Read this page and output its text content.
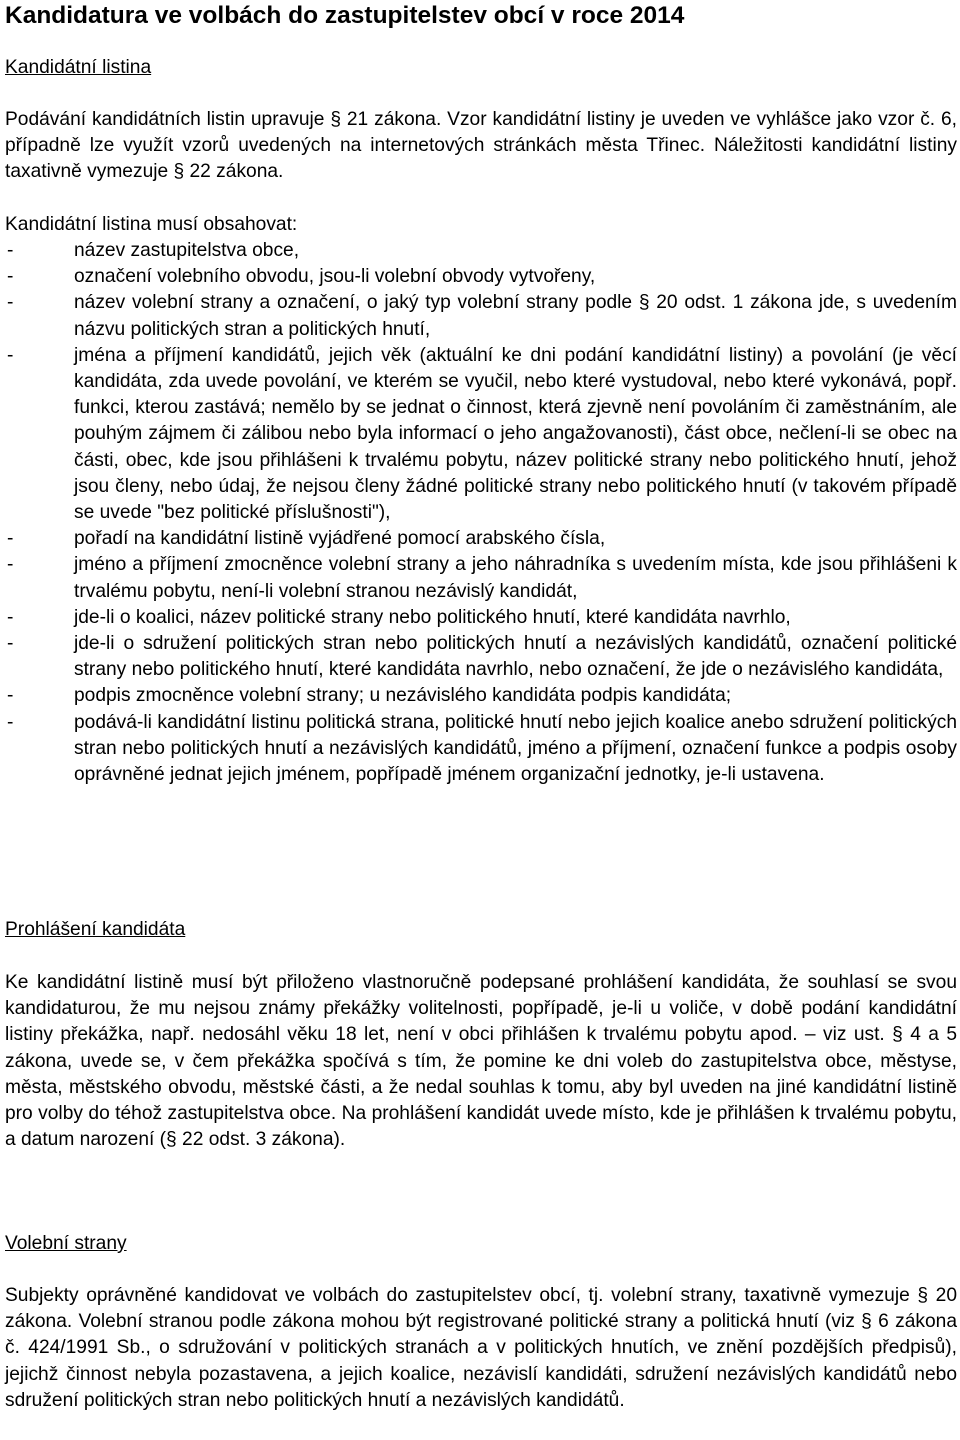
Kandidatura ve volbách do zastupitelstev obcí v roce 2014
Kandidátní listina

Podávání kandidátních listin upravuje § 21 zákona. Vzor kandidátní listiny je uveden ve vyhlášce jako vzor č. 6, případně lze využít vzorů uvedených na internetových stránkách města Třinec. Náležitosti kandidátní listiny taxativně vymezuje § 22 zákona.

Kandidátní listina musí obsahovat:

-	název zastupitelstva obce,
-	označení volebního obvodu, jsou-li volební obvody vytvořeny,
-	název volební strany a označení, o jaký typ volební strany podle § 20 odst. 1 zákona jde, s uvedením názvu politických stran a politických hnutí,
-	jména a příjmení kandidátů, jejich věk (aktuální ke dni podání kandidátní listiny) a povolání (je věcí kandidáta, zda uvede povolání, ve kterém se vyučil, nebo které vystudoval, nebo které vykonává, popř. funkci, kterou zastává; nemělo by se jednat o činnost, která zjevně není povoláním či zaměstnáním, ale pouhým zájmem či zálibou nebo byla informací o jeho angažovanosti), část obce, nečlení-li se obec na části, obec, kde jsou přihlášeni k trvalému pobytu, název politické strany nebo politického hnutí, jehož jsou členy, nebo údaj, že nejsou členy žádné politické strany nebo politického hnutí (v takovém případě se uvede "bez politické příslušnosti"),
-	pořadí na kandidátní listině vyjádřené pomocí arabského čísla,
-	jméno a příjmení zmocněnce volební strany a jeho náhradníka s uvedením místa, kde jsou přihlášeni k trvalému pobytu, není-li volební stranou nezávislý kandidát,
-	jde-li o koalici, název politické strany nebo politického hnutí, které kandidáta navrhlo,
-	jde-li o sdružení politických stran nebo politických hnutí a nezávislých kandidátů, označení politické strany nebo politického hnutí, které kandidáta navrhlo, nebo označení, že jde o nezávislého kandidáta,
-	podpis zmocněnce volební strany; u nezávislého kandidáta podpis kandidáta;
-	podává-li kandidátní listinu politická strana, politické hnutí nebo jejich koalice anebo sdružení politických stran nebo politických hnutí a nezávislých kandidátů, jméno a příjmení, označení funkce a podpis osoby oprávněné jednat jejich jménem, popřípadě jménem organizační jednotky, je-li ustavena.
Prohlášení kandidáta

Ke kandidátní listině musí být přiloženo vlastnoručně podepsané prohlášení kandidáta, že souhlasí se svou kandidaturou, že mu nejsou známy překážky volitelnosti, popřípadě, je-li u voliče, v době podání kandidátní listiny překážka, např. nedosáhl věku 18 let, není v obci přihlášen k trvalému pobytu apod. – viz ust. § 4 a 5 zákona, uvede se, v čem překážka spočívá s tím, že pomine ke dni voleb do zastupitelstva obce, městyse, města, městského obvodu, městské části, a že nedal souhlas k tomu, aby byl uveden na jiné kandidátní listině pro volby do téhož zastupitelstva obce. Na prohlášení kandidát uvede místo, kde je přihlášen k trvalému pobytu, a datum narození (§ 22 odst. 3 zákona).

Volební strany

Subjekty oprávněné kandidovat ve volbách do zastupitelstev obcí, tj. volební strany, taxativně vymezuje § 20 zákona. Volební stranou podle zákona mohou být registrované politické strany a politická hnutí (viz § 6 zákona č. 424/1991 Sb., o sdružování v politických stranách a v politických hnutích, ve znění pozdějších předpisů), jejichž činnost nebyla pozastavena, a jejich koalice, nezávislí kandidáti, sdružení nezávislých kandidátů nebo sdružení politických stran nebo politických hnutí a nezávislých kandidátů.
